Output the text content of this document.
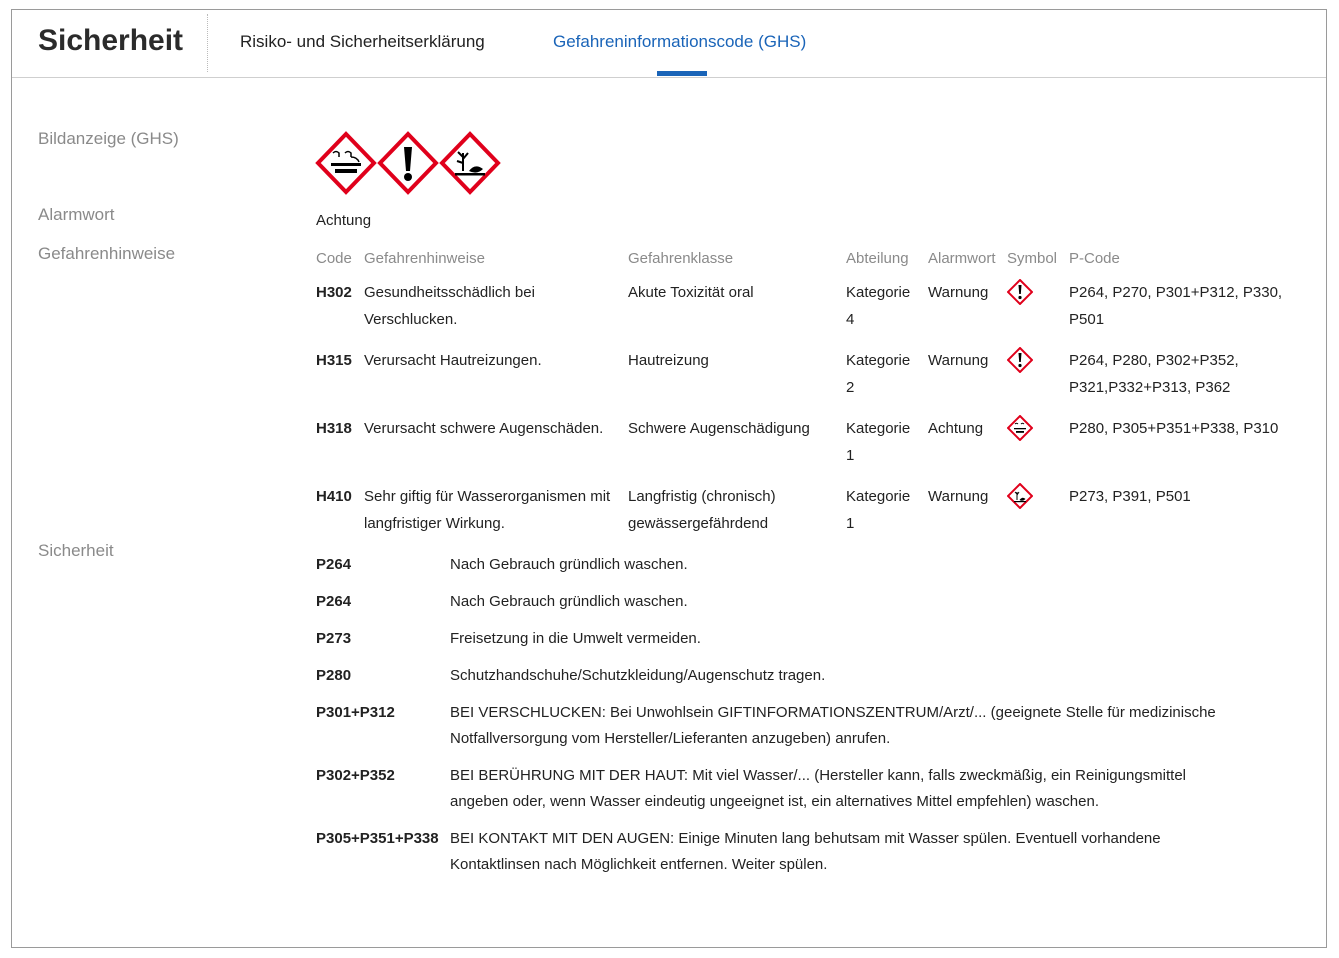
Sicherheit	Risiko- und Sicherheitserklärung	Gefahreninformationscode (GHS)
Bildanzeige (GHS)
Alarmwort
Gefahrenhinweise
Sicherheit
Achtung
Code	Gefahrenhinweise	Gefahrenklasse	Abteilung	Alarmwort	Symbol	P-Code
H302	Gesundheitsschädlich bei Verschlucken.	Akute Toxizität oral	Kategorie 4	Warnung		P264, P270, P301+P312, P330, P501
H315	Verursacht Hautreizungen.	Hautreizung	Kategorie 2	Warnung		P264, P280, P302+P352, P321,P332+P313, P362
H318	Verursacht schwere Augenschäden.	Schwere Augenschädigung	Kategorie 1	Achtung		P280, P305+P351+P338, P310
H410	Sehr giftig für Wasserorganismen mit langfristiger Wirkung.	Langfristig (chronisch) gewässergefährdend	Kategorie 1	Warnung		P273, P391, P501
P264	Nach Gebrauch gründlich waschen.
P264	Nach Gebrauch gründlich waschen.
P273	Freisetzung in die Umwelt vermeiden.
P280	Schutzhandschuhe/Schutzkleidung/Augenschutz tragen.
P301+P312	BEI VERSCHLUCKEN: Bei Unwohlsein GIFTINFORMATIONSZENTRUM/Arzt/... (geeignete Stelle für medizinische Notfallversorgung vom Hersteller/Lieferanten anzugeben) anrufen.
P302+P352	BEI BERÜHRUNG MIT DER HAUT: Mit viel Wasser/... (Hersteller kann, falls zweckmäßig, ein Reinigungsmittel angeben oder, wenn Wasser eindeutig ungeeignet ist, ein alternatives Mittel empfehlen) waschen.
P305+P351+P338 BEI KONTAKT MIT DEN AUGEN: Einige Minuten lang behutsam mit Wasser spülen. Eventuell vorhandene Kontaktlinsen nach Möglichkeit entfernen. Weiter spülen.
